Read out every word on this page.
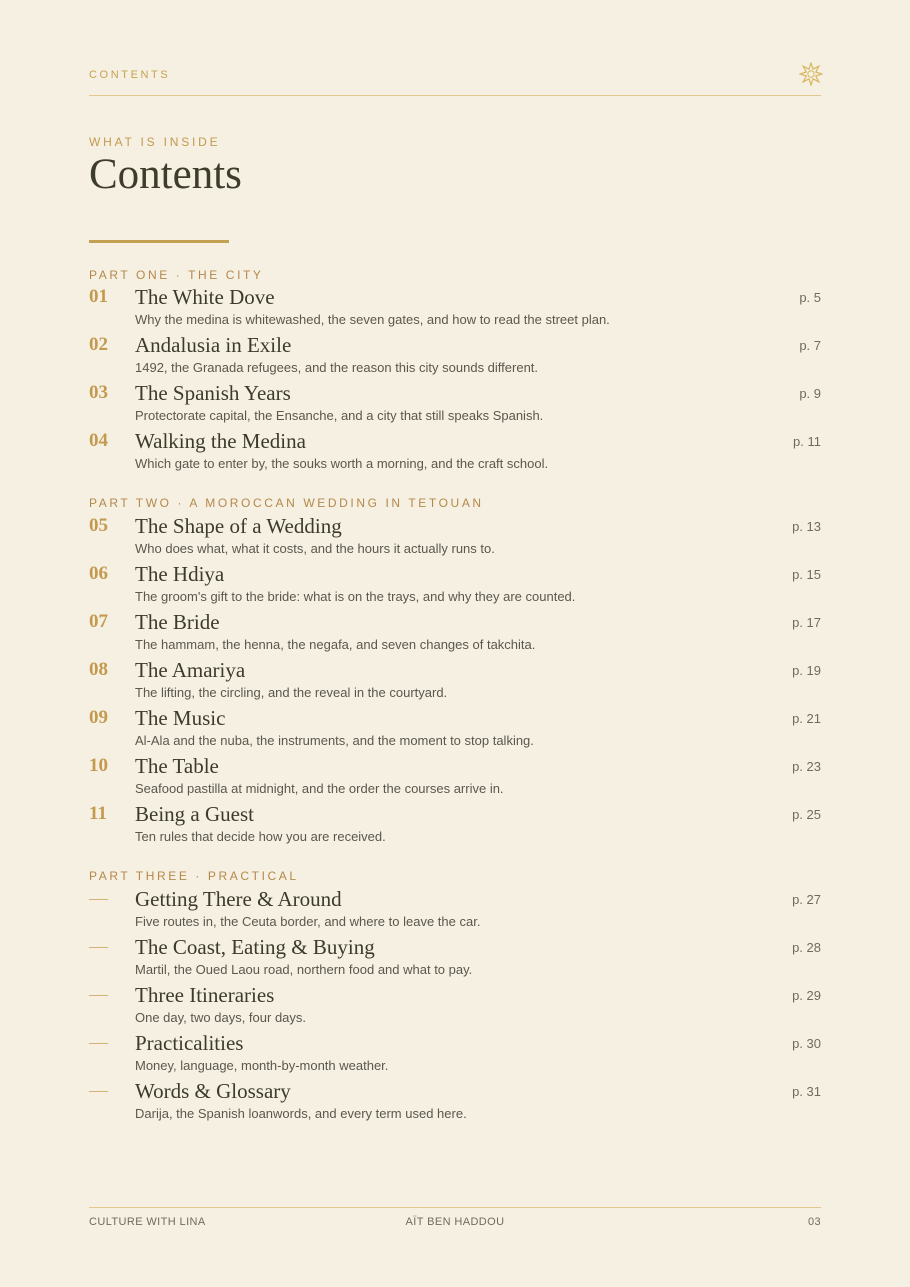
CONTENTS
WHAT IS INSIDE
Contents
PART ONE · THE CITY
01 The White Dove
Why the medina is whitewashed, the seven gates, and how to read the street plan.
p. 5
02 Andalusia in Exile
1492, the Granada refugees, and the reason this city sounds different.
p. 7
03 The Spanish Years
Protectorate capital, the Ensanche, and a city that still speaks Spanish.
p. 9
04 Walking the Medina
Which gate to enter by, the souks worth a morning, and the craft school.
p. 11
PART TWO · A MOROCCAN WEDDING IN TETOUAN
05 The Shape of a Wedding
Who does what, what it costs, and the hours it actually runs to.
p. 13
06 The Hdiya
The groom's gift to the bride: what is on the trays, and why they are counted.
p. 15
07 The Bride
The hammam, the henna, the negafa, and seven changes of takchita.
p. 17
08 The Amariya
The lifting, the circling, and the reveal in the courtyard.
p. 19
09 The Music
Al-Ala and the nuba, the instruments, and the moment to stop talking.
p. 21
10 The Table
Seafood pastilla at midnight, and the order the courses arrive in.
p. 23
11 Being a Guest
Ten rules that decide how you are received.
p. 25
PART THREE · PRACTICAL
— Getting There & Around
Five routes in, the Ceuta border, and where to leave the car.
p. 27
— The Coast, Eating & Buying
Martil, the Oued Laou road, northern food and what to pay.
p. 28
— Three Itineraries
One day, two days, four days.
p. 29
— Practicalities
Money, language, month-by-month weather.
p. 30
— Words & Glossary
Darija, the Spanish loanwords, and every term used here.
p. 31
CULTURE WITH LINA	AÏT BEN HADDOU	03
